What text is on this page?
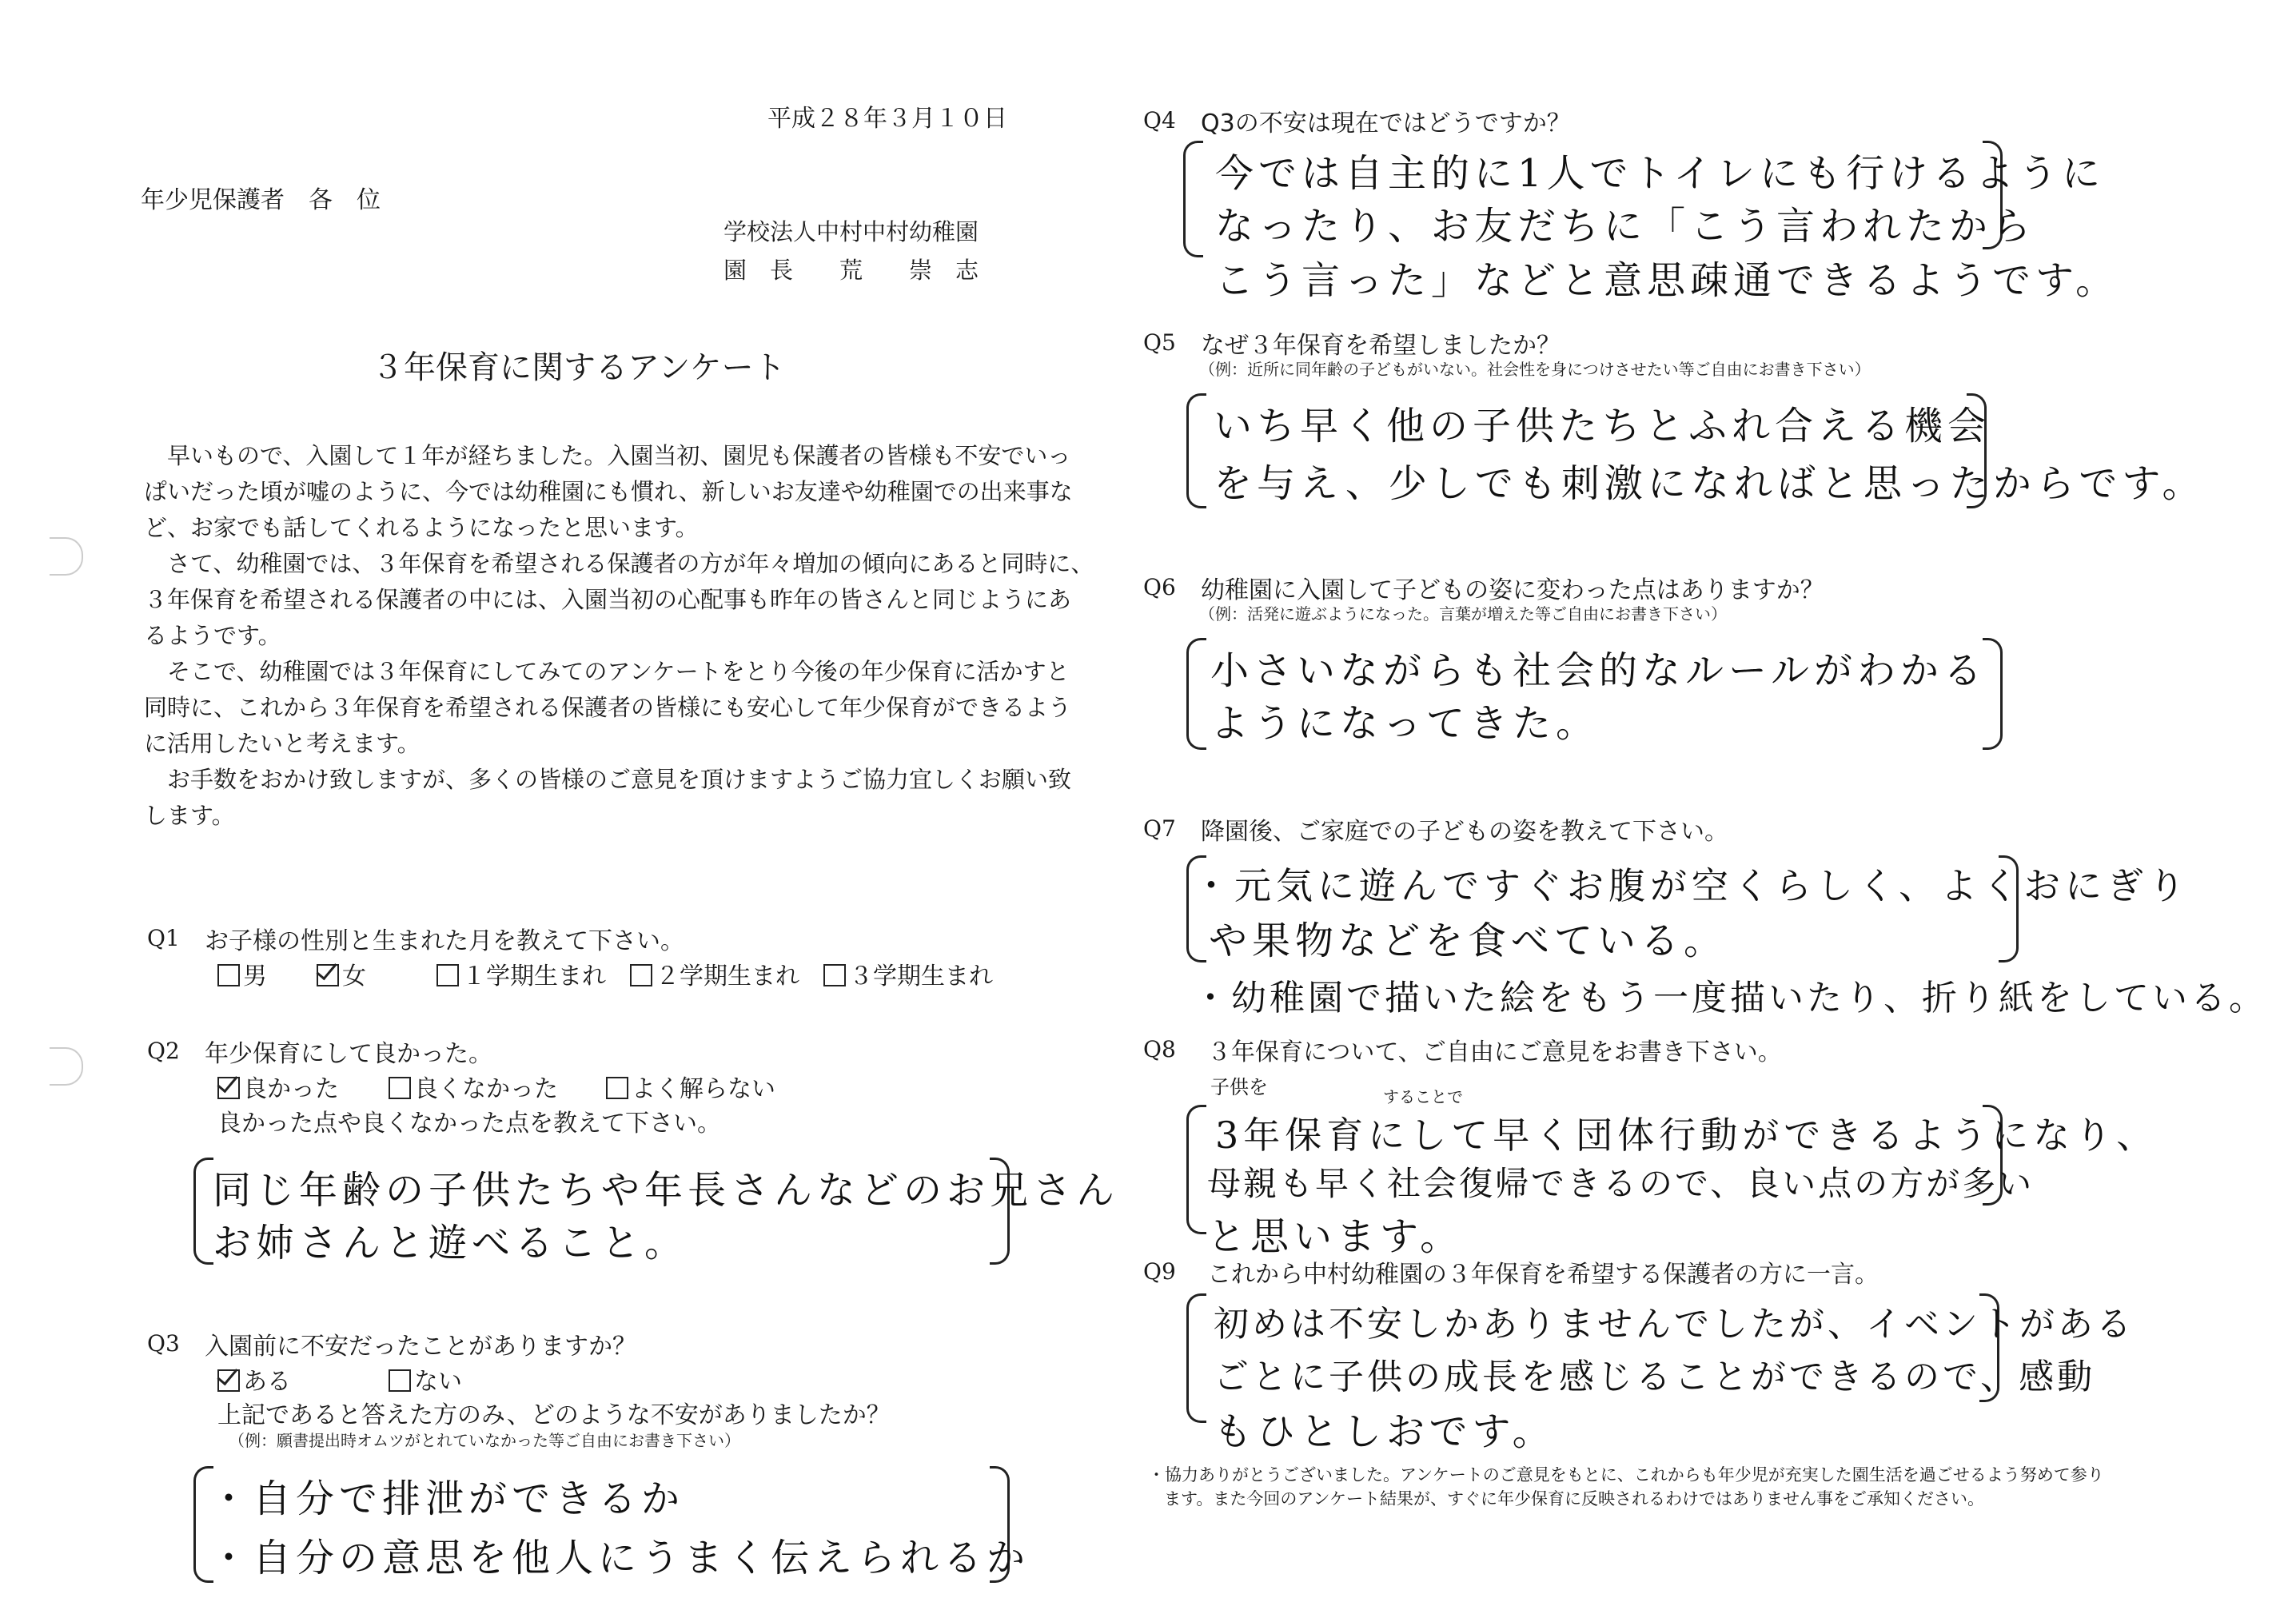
平成２８年３月１０日
年少児保護者　各　位
学校法人中村中村幼稚園
園　長　　荒　　崇　志
３年保育に関するアンケート
　早いもので、入園して１年が経ちました。入園当初、園児も保護者の皆様も不安でいっ
ぱいだった頃が嘘のように、今では幼稚園にも慣れ、新しいお友達や幼稚園での出来事な
ど、お家でも話してくれるようになったと思います。
　さて、幼稚園では、３年保育を希望される保護者の方が年々増加の傾向にあると同時に、
３年保育を希望される保護者の中には、入園当初の心配事も昨年の皆さんと同じようにあ
るようです。
　そこで、幼稚園では３年保育にしてみてのアンケートをとり今後の年少保育に活かすと
同時に、これから３年保育を希望される保護者の皆様にも安心して年少保育ができるよう
に活用したいと考えます。
　お手数をおかけ致しますが、多くの皆様のご意見を頂けますようご協力宜しくお願い致
します。
Q1 お子様の性別と生まれた月を教えて下さい。
男	女	１学期生まれ	２学期生まれ	３学期生まれ
Q2 年少保育にして良かった。
良かった	良くなかった	よく解らない
良かった点や良くなかった点を教えて下さい。
同じ年齢の子供たちや年長さんなどのお兄さん
お姉さんと遊べること。
Q3 入園前に不安だったことがありますか？
ある	ない
上記であると答えた方のみ、どのような不安がありましたか？
（例：願書提出時オムツがとれていなかった等ご自由にお書き下さい）
・自分で排泄ができるか
・自分の意思を他人にうまく伝えられるか
Q4 Q3の不安は現在ではどうですか？
今では自主的に1人でトイレにも行けるように
なったり、お友だちに「こう言われたから
こう言った」などと意思疎通できるようです。
Q5 なぜ３年保育を希望しましたか？
（例：近所に同年齢の子どもがいない。社会性を身につけさせたい等ご自由にお書き下さい）
いち早く他の子供たちとふれ合える機会
を与え、少しでも刺激になればと思ったからです。
Q6 幼稚園に入園して子どもの姿に変わった点はありますか？
（例：活発に遊ぶようになった。言葉が増えた等ご自由にお書き下さい）
小さいながらも社会的なルールがわかる
ようになってきた。
Q7 降園後、ご家庭での子どもの姿を教えて下さい。
・元気に遊んですぐお腹が空くらしく、よくおにぎり
や果物などを食べている。
・幼稚園で描いた絵をもう一度描いたり、折り紙をしている。
Q8 ３年保育について、ご自由にご意見をお書き下さい。
子供を	することで
3年保育にして早く団体行動ができるようになり、
母親も早く社会復帰できるので、良い点の方が多い
と思います。
Q9 これから中村幼稚園の３年保育を希望する保護者の方に一言。
初めは不安しかありませんでしたが、イベントがある
ごとに子供の成長を感じることができるので、感動
もひとしおです。
・協力ありがとうございました。アンケートのご意見をもとに、これからも年少児が充実した園生活を過ごせるよう努めて参り
ます。また今回のアンケート結果が、すぐに年少保育に反映されるわけではありません事をご承知ください。
